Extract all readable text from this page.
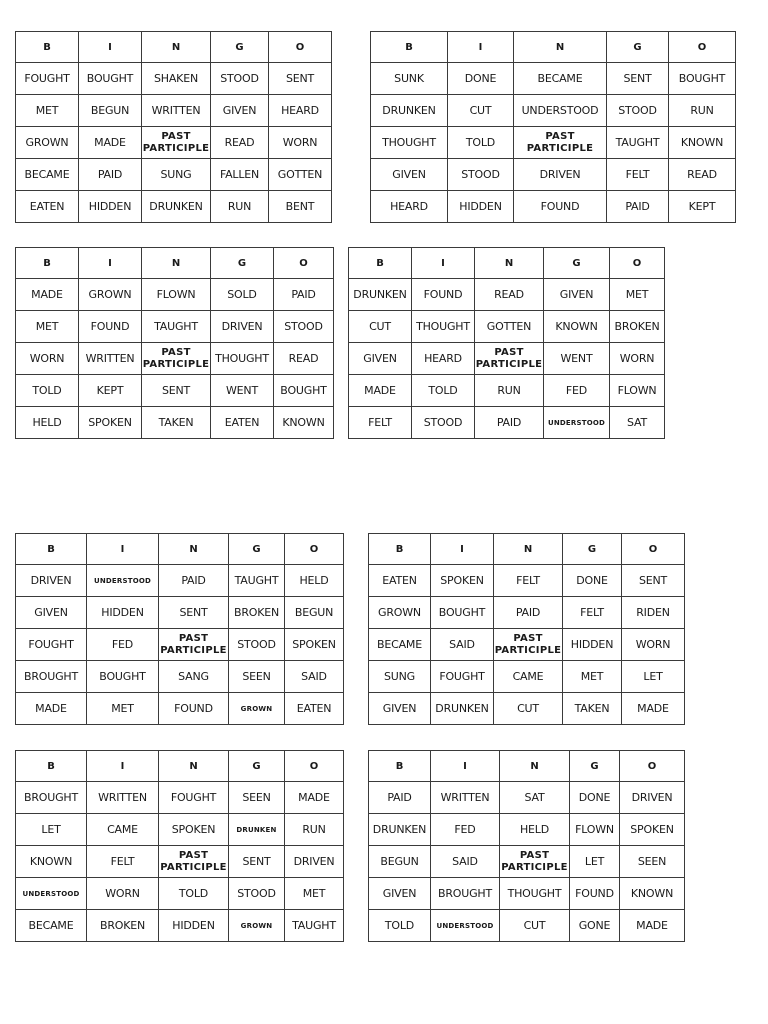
B	I	N	G	O
FOUGHT	BOUGHT	SHAKEN	STOOD	SENT
MET	BEGUN	WRITTEN	GIVEN	HEARD
GROWN	MADE	PAST PARTICIPLE	READ	WORN
BECAME	PAID	SUNG	FALLEN	GOTTEN
EATEN	HIDDEN	DRUNKEN	RUN	BENT
B	I	N	G	O
SUNK	DONE	BECAME	SENT	BOUGHT
DRUNKEN	CUT	UNDERSTOOD	STOOD	RUN
THOUGHT	TOLD	PAST PARTICIPLE	TAUGHT	KNOWN
GIVEN	STOOD	DRIVEN	FELT	READ
HEARD	HIDDEN	FOUND	PAID	KEPT
B	I	N	G	O
MADE	GROWN	FLOWN	SOLD	PAID
MET	FOUND	TAUGHT	DRIVEN	STOOD
WORN	WRITTEN	PAST PARTICIPLE	THOUGHT	READ
TOLD	KEPT	SENT	WENT	BOUGHT
HELD	SPOKEN	TAKEN	EATEN	KNOWN
B	I	N	G	O
DRUNKEN	FOUND	READ	GIVEN	MET
CUT	THOUGHT	GOTTEN	KNOWN	BROKEN
GIVEN	HEARD	PAST PARTICIPLE	WENT	WORN
MADE	TOLD	RUN	FED	FLOWN
FELT	STOOD	PAID	UNDERSTOOD	SAT
B	I	N	G	O
DRIVEN	UNDERSTOOD	PAID	TAUGHT	HELD
GIVEN	HIDDEN	SENT	BROKEN	BEGUN
FOUGHT	FED	PAST PARTICIPLE	STOOD	SPOKEN
BROUGHT	BOUGHT	SANG	SEEN	SAID
MADE	MET	FOUND	GROWN	EATEN
B	I	N	G	O
EATEN	SPOKEN	FELT	DONE	SENT
GROWN	BOUGHT	PAID	FELT	RIDEN
BECAME	SAID	PAST PARTICIPLE	HIDDEN	WORN
SUNG	FOUGHT	CAME	MET	LET
GIVEN	DRUNKEN	CUT	TAKEN	MADE
B	I	N	G	O
BROUGHT	WRITTEN	FOUGHT	SEEN	MADE
LET	CAME	SPOKEN	DRUNKEN	RUN
KNOWN	FELT	PAST PARTICIPLE	SENT	DRIVEN
UNDERSTOOD	WORN	TOLD	STOOD	MET
BECAME	BROKEN	HIDDEN	GROWN	TAUGHT
B	I	N	G	O
PAID	WRITTEN	SAT	DONE	DRIVEN
DRUNKEN	FED	HELD	FLOWN	SPOKEN
BEGUN	SAID	PAST PARTICIPLE	LET	SEEN
GIVEN	BROUGHT	THOUGHT	FOUND	KNOWN
TOLD	UNDERSTOOD	CUT	GONE	MADE
